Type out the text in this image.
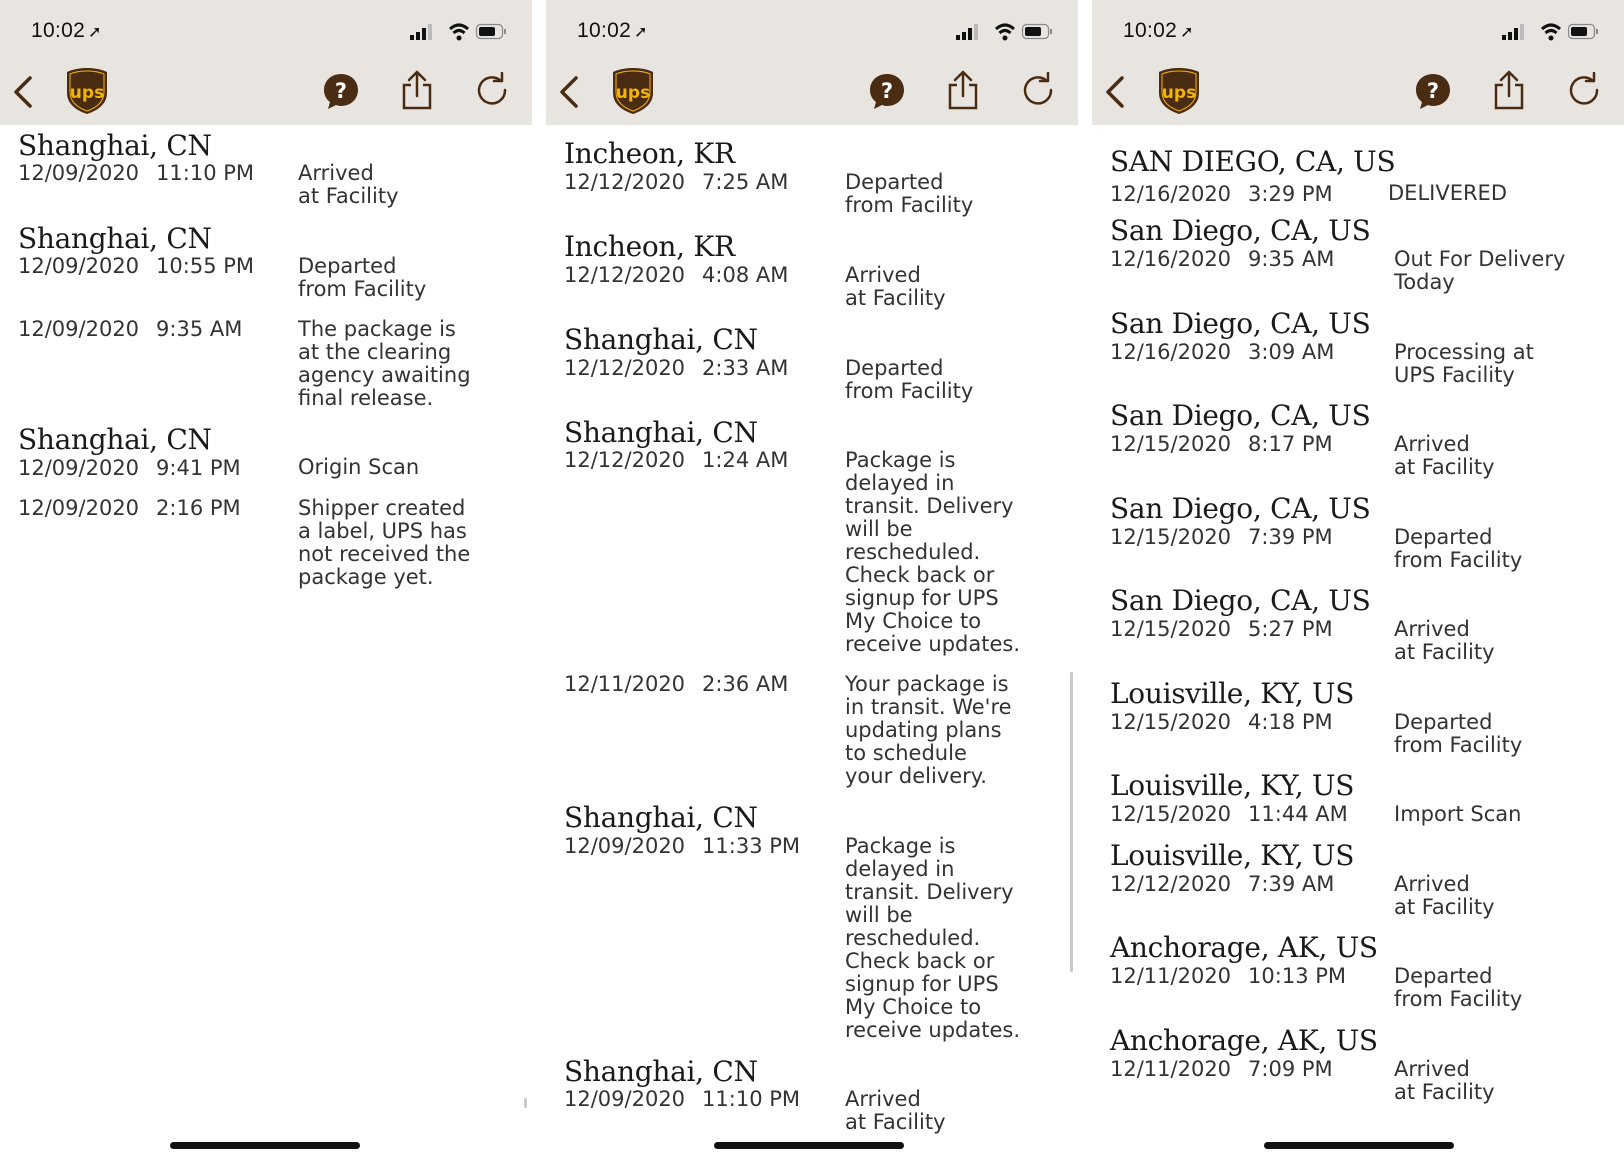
10:02 ➚
ups	?
Shanghai, CN
12/09/2020 11:10 PM Arrived
at Facility
Shanghai, CN
12/09/2020 10:55 PM Departed
from Facility
12/09/2020 9:35 AM	The package is
at the clearing
agency awaiting
final release.
Shanghai, CN
12/09/2020 9:41 PM	Origin Scan
12/09/2020 2:16 PM	Shipper created
a label, UPS has
not received the
package yet.
10:02 ➚
ups	?
Incheon, KR
12/12/2020 7:25 AM	Departed
from Facility
Incheon, KR
12/12/2020 4:08 AM	Arrived
at Facility
Shanghai, CN
12/12/2020 2:33 AM	Departed
from Facility
Shanghai, CN
12/12/2020 1:24 AM	Package is
delayed in
transit. Delivery
will be
rescheduled.
Check back or
signup for UPS
My Choice to
receive updates.
12/11/2020 2:36 AM	Your package is
in transit. We're
updating plans
to schedule
your delivery.
Shanghai, CN
12/09/2020 11:33 PM Package is
delayed in
transit. Delivery
will be
rescheduled.
Check back or
signup for UPS
My Choice to
receive updates.
Shanghai, CN
12/09/2020 11:10 PM Arrived
at Facility
10:02 ➚
ups	?
SAN DIEGO, CA, US
12/16/2020 3:29 PM	DELIVERED
San Diego, CA, US
12/16/2020 9:35 AM	Out For Delivery
Today
San Diego, CA, US
12/16/2020 3:09 AM	Processing at
UPS Facility
San Diego, CA, US
12/15/2020 8:17 PM	Arrived
at Facility
San Diego, CA, US
12/15/2020 7:39 PM	Departed
from Facility
San Diego, CA, US
12/15/2020 5:27 PM	Arrived
at Facility
Louisville, KY, US
12/15/2020 4:18 PM	Departed
from Facility
Louisville, KY, US
12/15/2020 11:44 AM Import Scan
Louisville, KY, US
12/12/2020 7:39 AM	Arrived
at Facility
Anchorage, AK, US
12/11/2020 10:13 PM Departed
from Facility
Anchorage, AK, US
12/11/2020 7:09 PM	Arrived
at Facility
